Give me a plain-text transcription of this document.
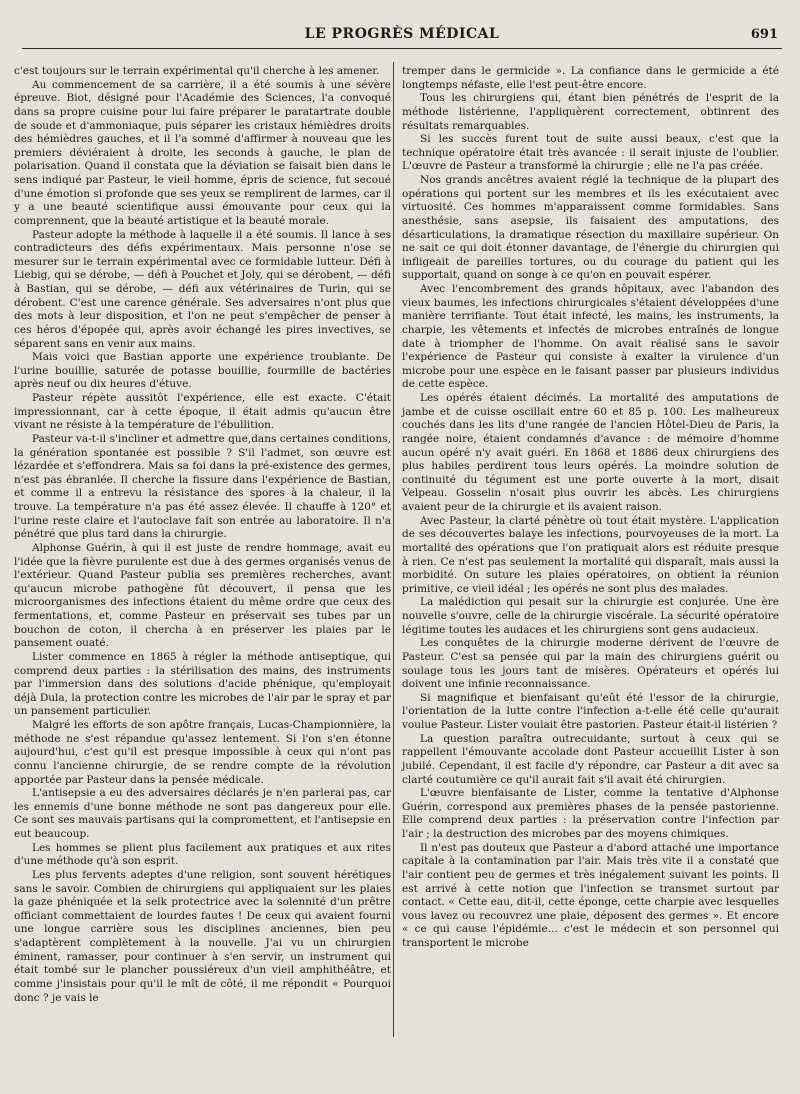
LE PROGRÈS MÉDICAL	691

c'est toujours sur le terrain expérimental qu'il cherche à les amener.

Au commencement de sa carrière, il a été soumis à une sévère épreuve. Biot, désigné pour l'Académie des Sciences, l'a convoqué dans sa propre cuisine pour lui faire préparer le paratartrate double de soude et d'ammoniaque, puis séparer les cristaux hémièdres droits des hémièdres gauches, et il l'a sommé d'affirmer à nouveau que les premiers déviéraient à droite, les seconds à gauche, le plan de polarisation. Quand il constata que la déviation se faisait bien dans le sens indiqué par Pasteur, le vieil homme, épris de science, fut secoué d'une émotion si profonde que ses yeux se remplirent de larmes, car il y a une beauté scientifique aussi émouvante pour ceux qui la comprennent, que la beauté artistique et la beauté morale.

Pasteur adopte la méthode à laquelle il a été soumis. Il lance à ses contradicteurs des défis expérimentaux. Mais personne n'ose se mesurer sur le terrain expérimental avec ce formidable lutteur. Défi à Liebig, qui se dérobe, — défi à Pouchet et Joly, qui se dérobent, — défi à Bastian, qui se dérobe, — défi aux vétérinaires de Turin, qui se dérobent. C'est une carence générale. Ses adversaires n'ont plus que des mots à leur disposition, et l'on ne peut s'empêcher de penser à ces héros d'épopée qui, après avoir échangé les pires invectives, se séparent sans en venir aux mains.

Mais voici que Bastian apporte une expérience troublante. De l'urine bouillie, saturée de potasse bouillie, fourmille de bactéries après neuf ou dix heures d'étuve.

Pasteur répète aussitôt l'expérience, elle est exacte. C'était impressionnant, car à cette époque, il était admis qu'aucun être vivant ne résiste à la température de l'ébullition.

Pasteur va-t-il s'incliner et admettre que,dans certaines conditions, la génération spontanée est possible ? S'il l'admet, son œuvre est lézardée et s'effondrera. Mais sa foi dans la pré-existence des germes, n'est pas ébranlée. Il cherche la fissure dans l'expérience de Bastian, et comme il a entrevu la résistance des spores à la chaleur, il la trouve. La température n'a pas été assez élevée. Il chauffe à 120° et l'urine reste claire et l'autoclave fait son entrée au laboratoire. Il n'a pénétré que plus tard dans la chirurgie.

Alphonse Guérin, à qui il est juste de rendre hommage, avait eu l'idée que la fièvre purulente est due à des germes organisés venus de l'extérieur. Quand Pasteur publia ses premières recherches, avant qu'aucun microbe pathogène fût découvert, il pensa que les microorganismes des infections étaient du même ordre que ceux des fermentations, et, comme Pasteur en préservait ses tubes par un bouchon de coton, il chercha à en préserver les plaies par le pansement ouaté.

Lister commence en 1865 à régler la méthode antiseptique, qui comprend deux parties : la stérilisation des mains, des instruments par l'immersion dans des solutions d'acide phénique, qu'employait déjà Dula, la protection contre les microbes de l'air par le spray et par un pansement particulier.

Malgré les efforts de son apôtre français, Lucas-Championnière, la méthode ne s'est répandue qu'assez lentement. Si l'on s'en étonne aujourd'hui, c'est qu'il est presque impossible à ceux qui n'ont pas connu l'ancienne chirurgie, de se rendre compte de la révolution apportée par Pasteur dans la pensée médicale.

L'antisepsie a eu des adversaires déclarés je n'en parlerai pas, car les ennemis d'une bonne méthode ne sont pas dangereux pour elle. Ce sont ses mauvais partisans qui la compromettent, et l'antisepsie en eut beaucoup.

Les hommes se plient plus facilement aux pratiques et aux rites d'une méthode qu'à son esprit.

Les plus fervents adeptes d'une religion, sont souvent hérétiques sans le savoir. Combien de chirurgiens qui appliquaient sur les plaies la gaze phéniquée et la selk protectrice avec la solennité d'un prêtre officiant commettaient de lourdes fautes ! De ceux qui avaient fourni une longue carrière sous les disciplines anciennes, bien peu s'adaptèrent complètement à la nouvelle. J'ai vu un chirurgien éminent, ramasser, pour continuer à s'en servir, un instrument qui était tombé sur le plancher poussiéreux d'un vieil amphithéâtre, et comme j'insistais pour qu'il le mît de côté, il me répondit « Pourquoi donc ? je vais le

tremper dans le germicide ». La confiance dans le germicide a été longtemps néfaste, elle l'est peut-être encore.

Tous les chirurgiens qui, étant bien pénétrés de l'esprit de la méthode listérienne, l'appliquèrent correctement, obtinrent des résultats remarquables.

Si les succès furent tout de suite aussi beaux, c'est que la technique opératoire était très avancée : il serait injuste de l'oublier. L'œuvre de Pasteur a transformé la chirurgie ; elle ne l'a pas créée.

Nos grands ancêtres avaient réglé la technique de la plupart des opérations qui portent sur les membres et ils les exécutaient avec virtuosité. Ces hommes m'apparaissent comme formidables. Sans anesthésie, sans asepsie, ils faisaient des amputations, des désarticulations, la dramatique résection du maxillaire supérieur. On ne sait ce qui doit étonner davantage, de l'énergie du chirurgien qui infligeait de pareilles tortures, ou du courage du patient qui les supportait, quand on songe à ce qu'on en pouvait espérer.

Avec l'encombrement des grands hôpitaux, avec l'abandon des vieux baumes, les infections chirurgicales s'étaient développées d'une manière terrifiante. Tout était infecté, les mains, les instruments, la charpie, les vêtements et infectés de microbes entraînés de longue date à triompher de l'homme. On avait réalisé sans le savoir l'expérience de Pasteur qui consiste à exalter la virulence d'un microbe pour une espèce en le faisant passer par plusieurs individus de cette espèce.

Les opérés étaient décimés. La mortalité des amputations de jambe et de cuisse oscillait entre 60 et 85 p. 100. Les malheureux couchés dans les lits d'une rangée de l'ancien Hôtel-Dieu de Paris, la rangée noire, étaient condamnés d'avance : de mémoire d'homme aucun opéré n'y avait guéri. En 1868 et 1886 deux chirurgiens des plus habiles perdirent tous leurs opérés. La moindre solution de continuité du tégument est une porte ouverte à la mort, disait Velpeau. Gosselin n'osait plus ouvrir les abcès. Les chirurgiens avaient peur de la chirurgie et ils avaient raison.

Avec Pasteur, la clarté pénètre où tout était mystère. L'application de ses découvertes balaye les infections, pourvoyeuses de la mort. La mortalité des opérations que l'on pratiquait alors est réduite presque à rien. Ce n'est pas seulement la mortalité qui disparaît, mais aussi la morbidité. On suture les plaies opératoires, on obtient la réunion primitive, ce vieil idéal ; les opérés ne sont plus des malades.

La malédiction qui pesait sur la chirurgie est conjurée. Une ère nouvelle s'ouvre, celle de la chirurgie viscérale. La sécurité opératoire légitime toutes les audaces et les chirurgiens sont gens audacieux.

Les conquêtes de la chirurgie moderne dérivent de l'œuvre de Pasteur. C'est sa pensée qui par la main des chirurgiens guérit ou soulage tous les jours tant de misères. Opérateurs et opérés lui doivent une infinie reconnaissance.

Si magnifique et bienfaisant qu'eût été l'essor de la chirurgie, l'orientation de la lutte contre l'infection a-t-elle été celle qu'aurait voulue Pasteur. Lister voulait être pastorien. Pasteur était-il listérien ?

La question paraîtra outrecuidante, surtout à ceux qui se rappellent l'émouvante accolade dont Pasteur accueillit Lister à son jubilé. Cependant, il est facile d'y répondre, car Pasteur a dit avec sa clarté coutumière ce qu'il aurait fait s'il avait été chirurgien.

L'œuvre bienfaisante de Lister, comme la tentative d'Alphonse Guérin, correspond aux premières phases de la pensée pastorienne. Elle comprend deux parties : la préservation contre l'infection par l'air ; la destruction des microbes par des moyens chimiques.

Il n'est pas douteux que Pasteur a d'abord attaché une importance capitale à la contamination par l'air. Mais très vite il a constaté que l'air contient peu de germes et très inégalement suivant les points. Il est arrivé à cette notion que l'infection se transmet surtout par contact. « Cette eau, dit-il, cette éponge, cette charpie avec lesquelles vous lavez ou recouvrez une plaie, déposent des germes ». Et encore « ce qui cause l'épidémie... c'est le médecin et son personnel qui transportent le microbe
